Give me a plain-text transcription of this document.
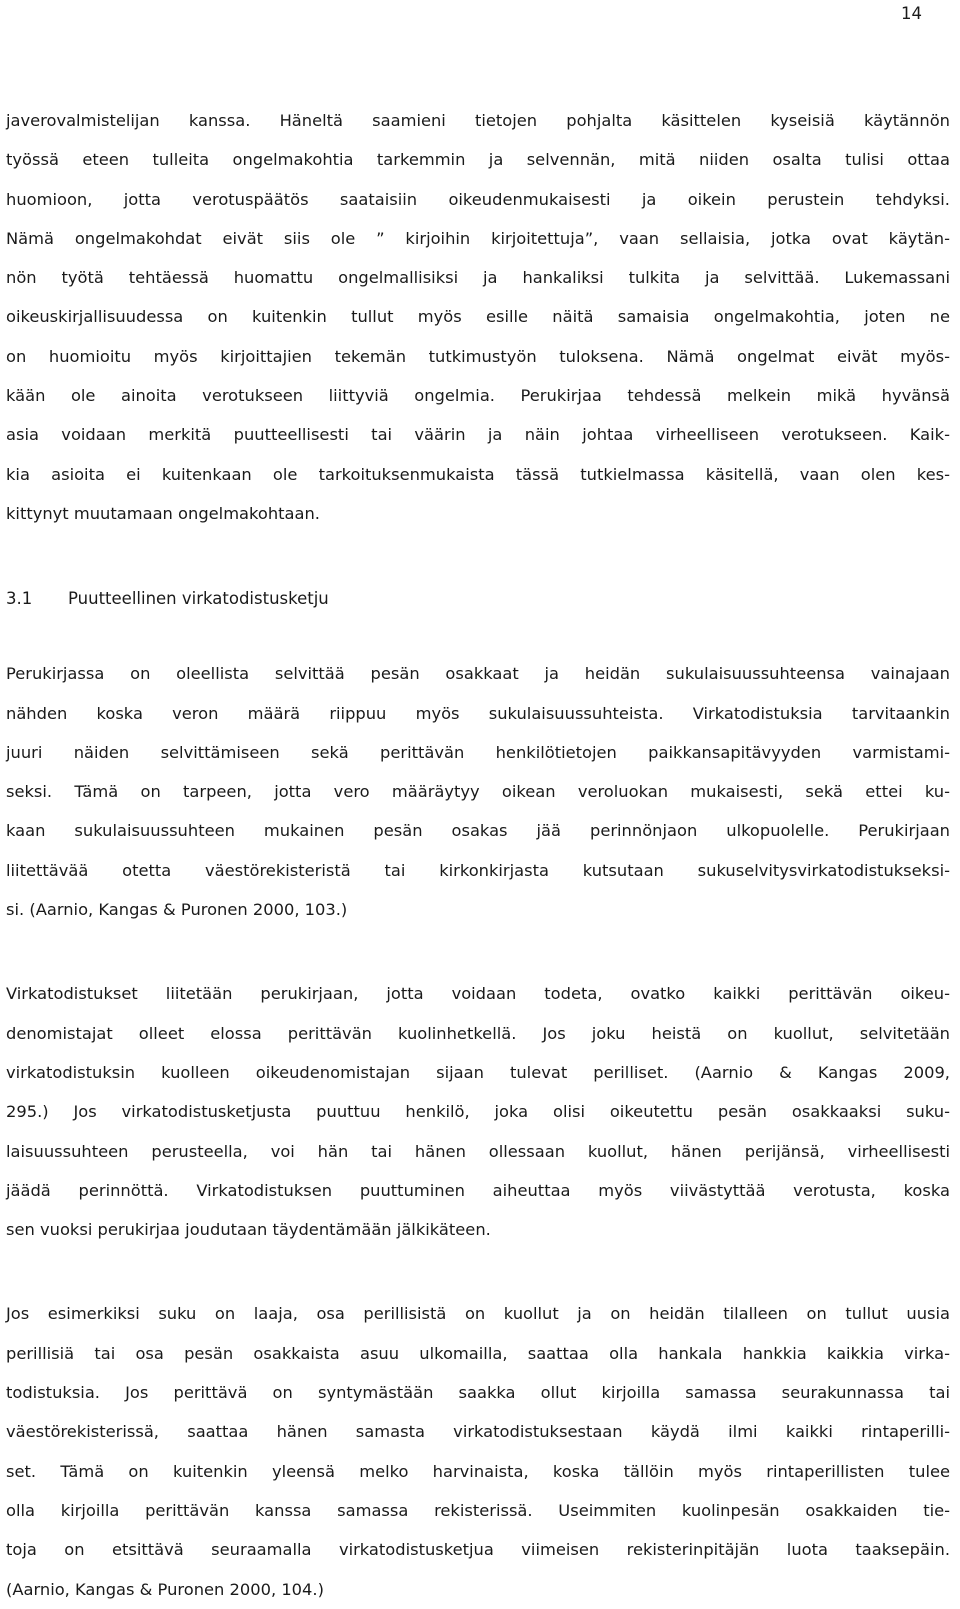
14

javerovalmistelijan kanssa. Häneltä saamieni tietojen pohjalta käsittelen kyseisiä käytännön
työssä eteen tulleita ongelmakohtia tarkemmin ja selvennän, mitä niiden osalta tulisi ottaa
huomioon, jotta verotuspäätös saataisiin oikeudenmukaisesti ja oikein perustein tehdyksi.
Nämä ongelmakohdat eivät siis ole ” kirjoihin kirjoitettuja”, vaan sellaisia, jotka ovat käytän-
nön työtä tehtäessä huomattu ongelmallisiksi ja hankaliksi tulkita ja selvittää. Lukemassani
oikeuskirjallisuudessa on kuitenkin tullut myös esille näitä samaisia ongelmakohtia, joten ne
on huomioitu myös kirjoittajien tekemän tutkimustyön tuloksena. Nämä ongelmat eivät myös-
kään ole ainoita verotukseen liittyviä ongelmia. Perukirjaa tehdessä melkein mikä hyvänsä
asia voidaan merkitä puutteellisesti tai väärin ja näin johtaa virheelliseen verotukseen. Kaik-
kia asioita ei kuitenkaan ole tarkoituksenmukaista tässä tutkielmassa käsitellä, vaan olen kes-
kittynyt muutamaan ongelmakohtaan.

3.1 Puutteellinen virkatodistusketju

Perukirjassa on oleellista selvittää pesän osakkaat ja heidän sukulaisuussuhteensa vainajaan
nähden koska veron määrä riippuu myös sukulaisuussuhteista. Virkatodistuksia tarvitaankin
juuri näiden selvittämiseen sekä perittävän henkilötietojen paikkansapitävyyden varmistami-
seksi. Tämä on tarpeen, jotta vero määräytyy oikean veroluokan mukaisesti, sekä ettei ku-
kaan sukulaisuussuhteen mukainen pesän osakas jää perinnönjaon ulkopuolelle. Perukirjaan
liitettävää otetta väestörekisteristä tai kirkonkirjasta kutsutaan sukuselvitysvirkatodistukseksi-
si. (Aarnio, Kangas & Puronen 2000, 103.)

Virkatodistukset liitetään perukirjaan, jotta voidaan todeta, ovatko kaikki perittävän oikeu-
denomistajat olleet elossa perittävän kuolinhetkellä. Jos joku heistä on kuollut, selvitetään
virkatodistuksin kuolleen oikeudenomistajan sijaan tulevat perilliset. (Aarnio & Kangas 2009,
295.) Jos virkatodistusketjusta puuttuu henkilö, joka olisi oikeutettu pesän osakkaaksi suku-
laisuussuhteen perusteella, voi hän tai hänen ollessaan kuollut, hänen perijänsä, virheellisesti
jäädä perinnöttä. Virkatodistuksen puuttuminen aiheuttaa myös viivästyttää verotusta, koska
sen vuoksi perukirjaa joudutaan täydentämään jälkikäteen.

Jos esimerkiksi suku on laaja, osa perillisistä on kuollut ja on heidän tilalleen on tullut uusia
perillisiä tai osa pesän osakkaista asuu ulkomailla, saattaa olla hankala hankkia kaikkia virka-
todistuksia. Jos perittävä on syntymästään saakka ollut kirjoilla samassa seurakunnassa tai
väestörekisterissä, saattaa hänen samasta virkatodistuksestaan käydä ilmi kaikki rintaperilli-
set. Tämä on kuitenkin yleensä melko harvinaista, koska tällöin myös rintaperillisten tulee
olla kirjoilla perittävän kanssa samassa rekisterissä. Useimmiten kuolinpesän osakkaiden tie-
toja on etsittävä seuraamalla virkatodistusketjua viimeisen rekisterinpitäjän luota taaksepäin.
(Aarnio, Kangas & Puronen 2000, 104.)
